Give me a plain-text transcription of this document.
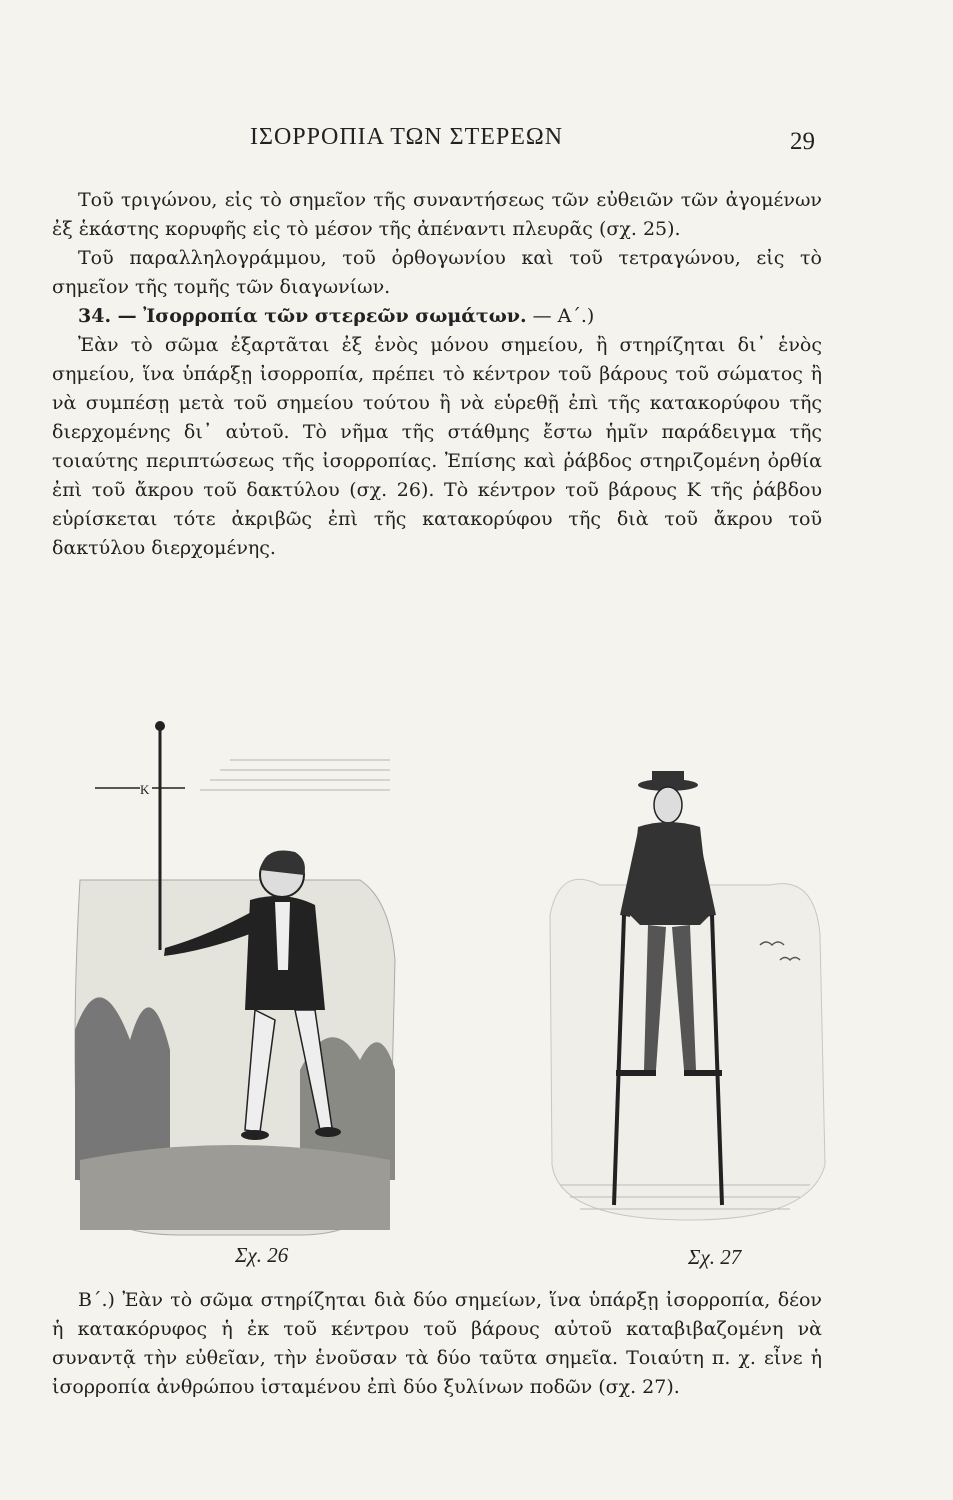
ΙΣΟΡΡΟΠΙΑ ΤΩΝ ΣΤΕΡΕΩΝ	29

Τοῦ τριγώνου, εἰς τὸ σημεῖον τῆς συναντήσεως τῶν εὐθειῶν τῶν ἀγομένων ἐξ ἑκάστης κορυφῆς εἰς τὸ μέσον τῆς ἀπέναντι πλευρᾶς (σχ. 25).

Τοῦ παραλληλογράμμου, τοῦ ὀρθογωνίου καὶ τοῦ τετραγώνου, εἰς τὸ σημεῖον τῆς τομῆς τῶν διαγωνίων.

34. — Ἰσορροπία τῶν στερεῶν σωμάτων. — Α΄.)

Ἐὰν τὸ σῶμα ἐξαρτᾶται ἐξ ἑνὸς μόνου σημείου, ἢ στηρίζηται δι᾿ ἑνὸς σημείου, ἵνα ὑπάρξῃ ἰσορροπία, πρέπει τὸ κέντρον τοῦ βάρους τοῦ σώματος ἢ νὰ συμπέσῃ μετὰ τοῦ σημείου τούτου ἢ νὰ εὑρεθῇ ἐπὶ τῆς κατακορύφου τῆς διερχομένης δι᾿ αὐτοῦ. Τὸ νῆμα τῆς στάθμης ἔστω ἡμῖν παράδειγμα τῆς τοιαύτης περιπτώσεως τῆς ἰσορροπίας. Ἐπίσης καὶ ῥάβδος στηριζομένη ὀρθία ἐπὶ τοῦ ἄκρου τοῦ δακτύλου (σχ. 26). Τὸ κέντρον τοῦ βάρους Κ τῆς ῥάβδου εὑρίσκεται τότε ἀκριβῶς ἐπὶ τῆς κατακορύφου τῆς διὰ τοῦ ἄκρου τοῦ δακτύλου διερχομένης.

K
Σχ. 26	Σχ. 27

Β΄.) Ἐὰν τὸ σῶμα στηρίζηται διὰ δύο σημείων, ἵνα ὑπάρξῃ ἰσορροπία, δέον ἡ κατακόρυφος ἡ ἐκ τοῦ κέντρου τοῦ βάρους αὐτοῦ καταβιβαζομένη νὰ συναντᾷ τὴν εὐθεῖαν, τὴν ἑνοῦσαν τὰ δύο ταῦτα σημεῖα. Τοιαύτη π. χ. εἶνε ἡ ἰσορροπία ἀνθρώπου ἱσταμένου ἐπὶ δύο ξυλίνων ποδῶν (σχ. 27).
